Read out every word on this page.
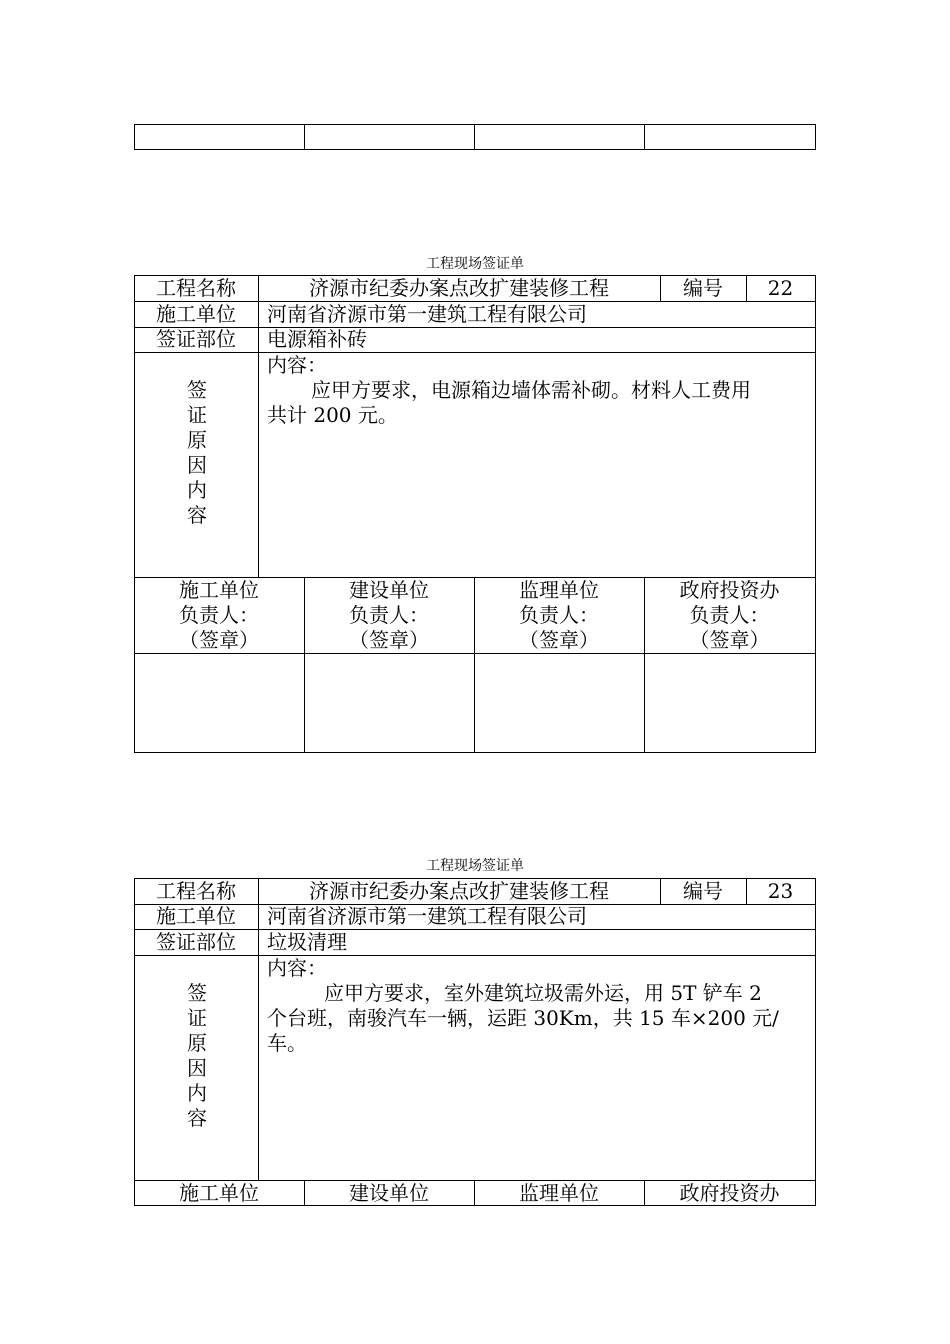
工程现场签证单
工程名称	济源市纪委办案点改扩建装修工程	编号	22
施工单位	河南省济源市第一建筑工程有限公司
签证部位	电源箱补砖
签
证
原
因
内
容
内容：
应甲方要求，电源箱边墙体需补砌。材料人工费用
共计 200 元。
施工单位	建设单位	监理单位	政府投资办
负责人：	负责人：	负责人：	负责人：
（签章）	（签章）	（签章）	（签章）
工程现场签证单
工程名称	济源市纪委办案点改扩建装修工程	编号	23
施工单位	河南省济源市第一建筑工程有限公司
签证部位	垃圾清理
签
证
原
因
内
容
内容：
应甲方要求，室外建筑垃圾需外运，用 5T 铲车 2
个台班，南骏汽车一辆，运距 30Km，共 15 车×200 元/
车。
施工单位	建设单位	监理单位	政府投资办
